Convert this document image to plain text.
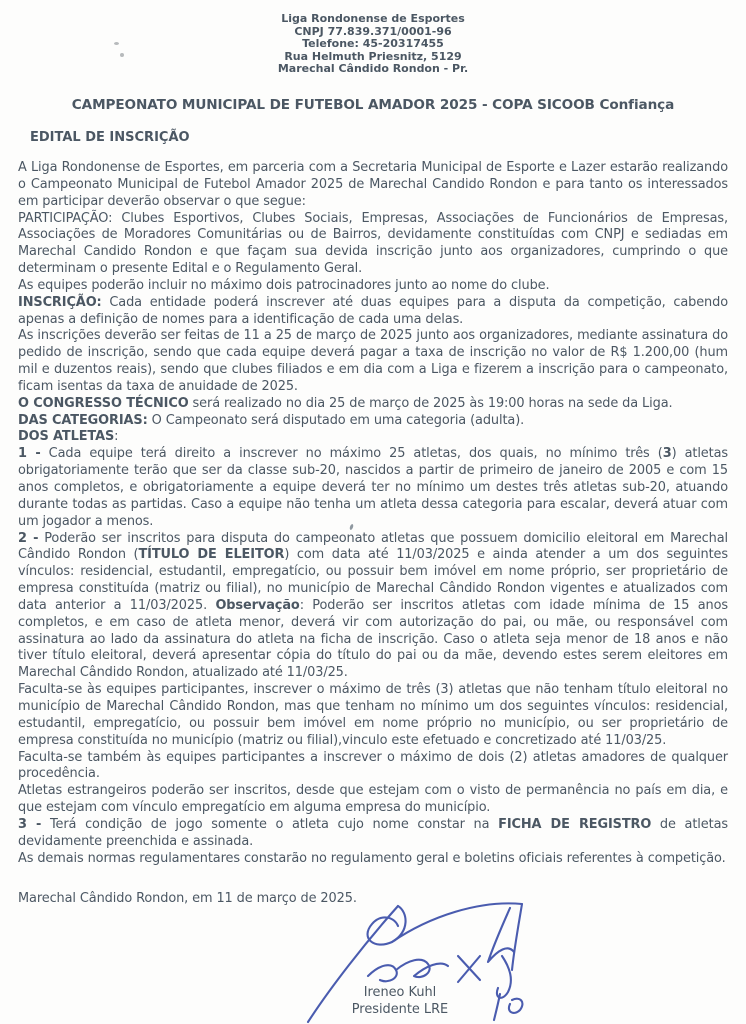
Liga Rondonense de Esportes
CNPJ 77.839.371/0001-96
Telefone: 45-20317455
Rua Helmuth Priesnitz, 5129
Marechal Cândido Rondon - Pr.
CAMPEONATO MUNICIPAL DE FUTEBOL AMADOR 2025 - COPA SICOOB Confiança
EDITAL DE INSCRIÇÃO

A Liga Rondonense de Esportes, em parceria com a Secretaria Municipal de Esporte e Lazer estarão realizando o Campeonato Municipal de Futebol Amador 2025 de Marechal Candido Rondon e para tanto os interessados em participar deverão observar o que segue:

PARTICIPAÇÃO: Clubes Esportivos, Clubes Sociais, Empresas, Associações de Funcionários de Empresas, Associações de Moradores Comunitárias ou de Bairros, devidamente constituídas com CNPJ e sediadas em Marechal Candido Rondon e que façam sua devida inscrição junto aos organizadores, cumprindo o que determinam o presente Edital e o Regulamento Geral.

As equipes poderão incluir no máximo dois patrocinadores junto ao nome do clube.

INSCRIÇÃO: Cada entidade poderá inscrever até duas equipes para a disputa da competição, cabendo apenas a definição de nomes para a identificação de cada uma delas.

As inscrições deverão ser feitas de 11 a 25 de março de 2025 junto aos organizadores, mediante assinatura do pedido de inscrição, sendo que cada equipe deverá pagar a taxa de inscrição no valor de R$ 1.200,00 (hum mil e duzentos reais), sendo que clubes filiados e em dia com a Liga e fizerem a inscrição para o campeonato, ficam isentas da taxa de anuidade de 2025.

O CONGRESSO TÉCNICO será realizado no dia 25 de março de 2025 às 19:00 horas na sede da Liga.

DAS CATEGORIAS: O Campeonato será disputado em uma categoria (adulta).

DOS ATLETAS:

1 - Cada equipe terá direito a inscrever no máximo 25 atletas, dos quais, no mínimo três (3) atletas obrigatoriamente terão que ser da classe sub-20, nascidos a partir de primeiro de janeiro de 2005 e com 15 anos completos, e obrigatoriamente a equipe deverá ter no mínimo um destes três atletas sub-20, atuando durante todas as partidas. Caso a equipe não tenha um atleta dessa categoria para escalar, deverá atuar com um jogador a menos.

2 - Poderão ser inscritos para disputa do campeonato atletas que possuem domicilio eleitoral em Marechal Cândido Rondon (TÍTULO DE ELEITOR) com data até 11/03/2025 e ainda atender a um dos seguintes vínculos: residencial, estudantil, empregatício, ou possuir bem imóvel em nome próprio, ser proprietário de empresa constituída (matriz ou filial), no município de Marechal Cândido Rondon vigentes e atualizados com data anterior a 11/03/2025. Observação: Poderão ser inscritos atletas com idade mínima de 15 anos completos, e em caso de atleta menor, deverá vir com autorização do pai, ou mãe, ou responsável com assinatura ao lado da assinatura do atleta na ficha de inscrição. Caso o atleta seja menor de 18 anos e não tiver título eleitoral, deverá apresentar cópia do título do pai ou da mãe, devendo estes serem eleitores em Marechal Cândido Rondon, atualizado até 11/03/25.

Faculta-se às equipes participantes, inscrever o máximo de três (3) atletas que não tenham título eleitoral no município de Marechal Cândido Rondon, mas que tenham no mínimo um dos seguintes vínculos: residencial, estudantil, empregatício, ou possuir bem imóvel em nome próprio no município, ou ser proprietário de empresa constituída no município (matriz ou filial),vinculo este efetuado e concretizado até 11/03/25.

Faculta-se também às equipes participantes a inscrever o máximo de dois (2) atletas amadores de qualquer procedência.

Atletas estrangeiros poderão ser inscritos, desde que estejam com o visto de permanência no país em dia, e que estejam com vínculo empregatício em alguma empresa do município.

3 - Terá condição de jogo somente o atleta cujo nome constar na FICHA DE REGISTRO de atletas devidamente preenchida e assinada.

As demais normas regulamentares constarão no regulamento geral e boletins oficiais referentes à competição.

Marechal Cândido Rondon, em 11 de março de 2025.

Ireneo Kuhl
Presidente LRE
